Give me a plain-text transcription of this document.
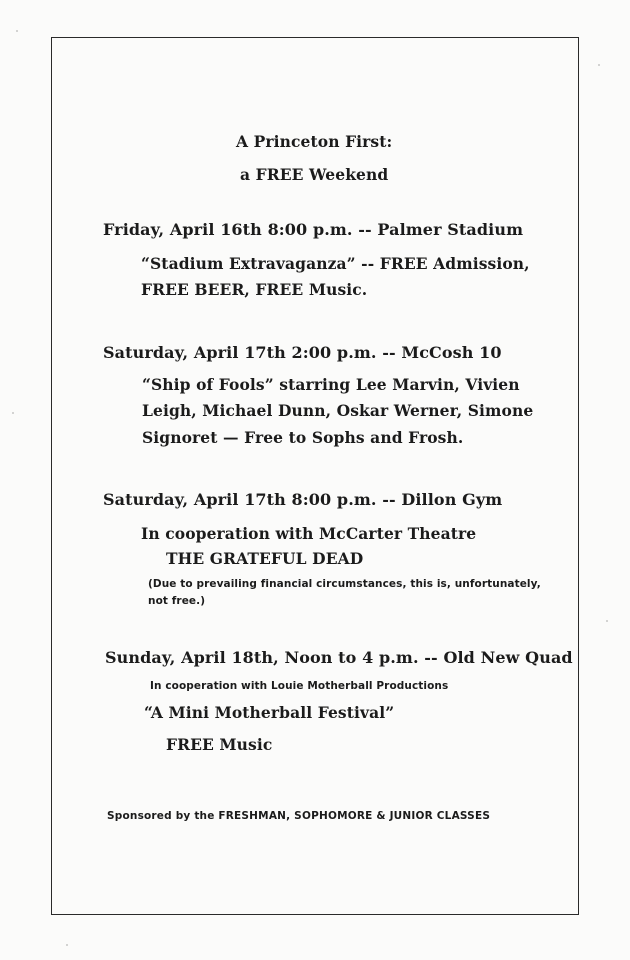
A Princeton First:
a FREE Weekend
Friday, April 16th 8:00 p.m. -- Palmer Stadium
“Stadium Extravaganza” -- FREE Admission,
FREE BEER, FREE Music.
Saturday, April 17th 2:00 p.m. -- McCosh 10
“Ship of Fools” starring Lee Marvin, Vivien
Leigh, Michael Dunn, Oskar Werner, Simone
Signoret — Free to Sophs and Frosh.
Saturday, April 17th 8:00 p.m. -- Dillon Gym
In cooperation with McCarter Theatre
THE GRATEFUL DEAD
(Due to prevailing financial circumstances, this is, unfortunately,
not free.)
Sunday, April 18th, Noon to 4 p.m. -- Old New Quad
In cooperation with Louie Motherball Productions
“A Mini Motherball Festival”
FREE Music
Sponsored by the FRESHMAN, SOPHOMORE & JUNIOR CLASSES
